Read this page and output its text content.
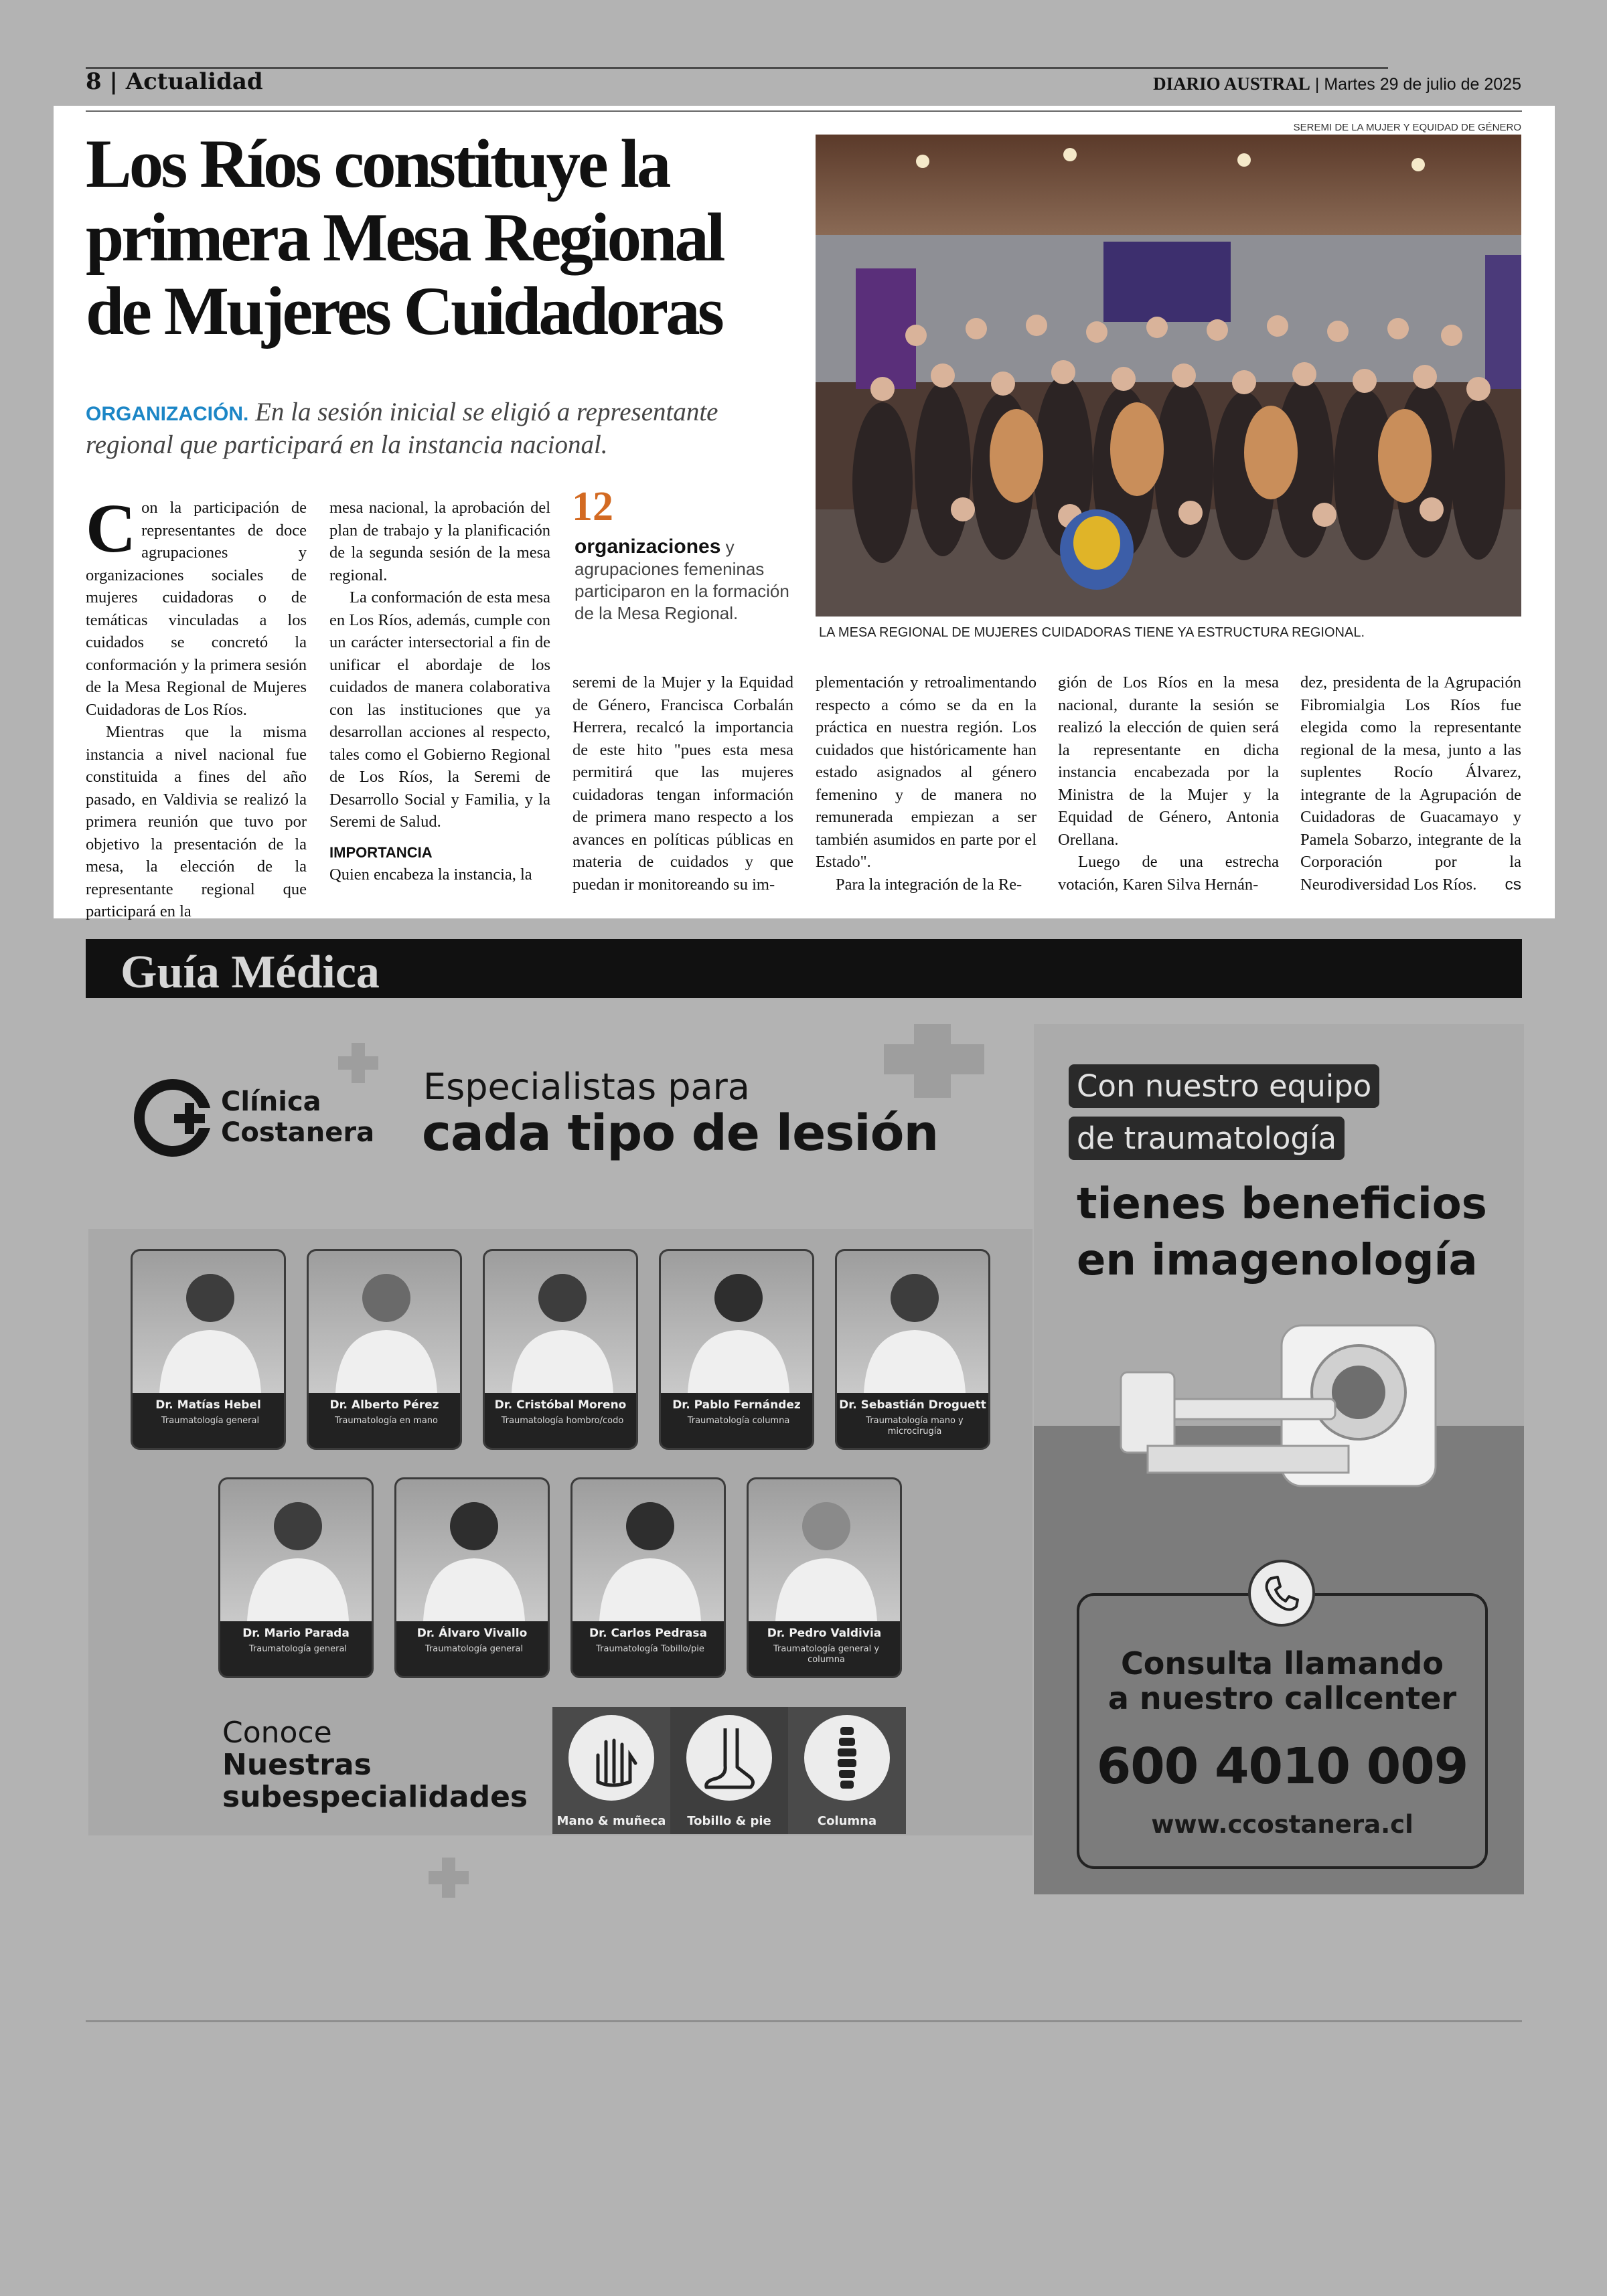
8 | Actualidad	DIARIO AUSTRAL | Martes 29 de julio de 2025
Los Ríos constituye la primera Mesa Regional de Mujeres Cuidadoras
ORGANIZACIÓN. En la sesión inicial se eligió a representante regional que participará en la instancia nacional.
SEREMI DE LA MUJER Y EQUIDAD DE GÉNERO
LA MESA REGIONAL DE MUJERES CUIDADORAS TIENE YA ESTRUCTURA REGIONAL.

Con la participación de representantes de doce agrupaciones y organizaciones sociales de mujeres cuidadoras o de temáticas vinculadas a los cuidados se concretó la conformación y la primera sesión de la Mesa Regional de Mujeres Cuidadoras de Los Ríos.

Mientras que la misma instancia a nivel nacional fue constituida a fines del año pasado, en Valdivia se realizó la primera reunión que tuvo por objetivo la presentación de la mesa, la elección de la representante regional que participará en la

mesa nacional, la aprobación del plan de trabajo y la planificación de la segunda sesión de la mesa regional.

La conformación de esta mesa en Los Ríos, además, cumple con un carácter intersectorial a fin de unificar el abordaje de los cuidados de manera colaborativa con las instituciones que ya desarrollan acciones al respecto, tales como el Gobierno Regional de Los Ríos, la Seremi de Desarrollo Social y Familia, y la Seremi de Salud.

IMPORTANCIA

Quien encabeza la instancia, la

12
organizaciones y agrupaciones femeninas participaron en la formación de la Mesa Regional.

seremi de la Mujer y la Equidad de Género, Francisca Corbalán Herrera, recalcó la importancia de este hito "pues esta mesa permitirá que las mujeres cuidadoras tengan información de primera mano respecto a los avances en políticas públicas en materia de cuidados y que puedan ir monitoreando su im-

plementación y retroalimentando respecto a cómo se da en la práctica en nuestra región. Los cuidados que históricamente han estado asignados al género femenino y de manera no remunerada empiezan a ser también asumidos en parte por el Estado".

Para la integración de la Re-

gión de Los Ríos en la mesa nacional, durante la sesión se realizó la elección de quien será la representante en dicha instancia encabezada por la Ministra de la Mujer y la Equidad de Género, Antonia Orellana.

Luego de una estrecha votación, Karen Silva Hernán-

dez, presidenta de la Agrupación Fibromialgia Los Ríos fue elegida como la representante regional de la mesa, junto a las suplentes Rocío Álvarez, integrante de la Agrupación de Cuidadoras de Guacamayo y Pamela Sobarzo, integrante de la Corporación por la Neurodiversidad Los Ríos. cs

Guía Médica
Clínica
Costanera
Especialistas para
cada tipo de lesión
Dr. Matías Hebel
Traumatología general
Dr. Alberto Pérez
Traumatología en mano
Dr. Cristóbal Moreno
Traumatología hombro/codo
Dr. Pablo Fernández
Traumatología columna
Dr. Sebastián Droguett
Traumatología mano y microcirugía
Dr. Mario Parada
Traumatología general
Dr. Álvaro Vivallo
Traumatología general
Dr. Carlos Pedrasa
Traumatología Tobillo/pie
Dr. Pedro Valdivia
Traumatología general y columna
Conoce
Nuestras
subespecialidades
Mano & muñeca	Tobillo & pie	Columna
Con nuestro equipo
de traumatología
tienes beneficios
en imagenología
Consulta llamando
a nuestro callcenter
600 4010 009
www.ccostanera.cl
